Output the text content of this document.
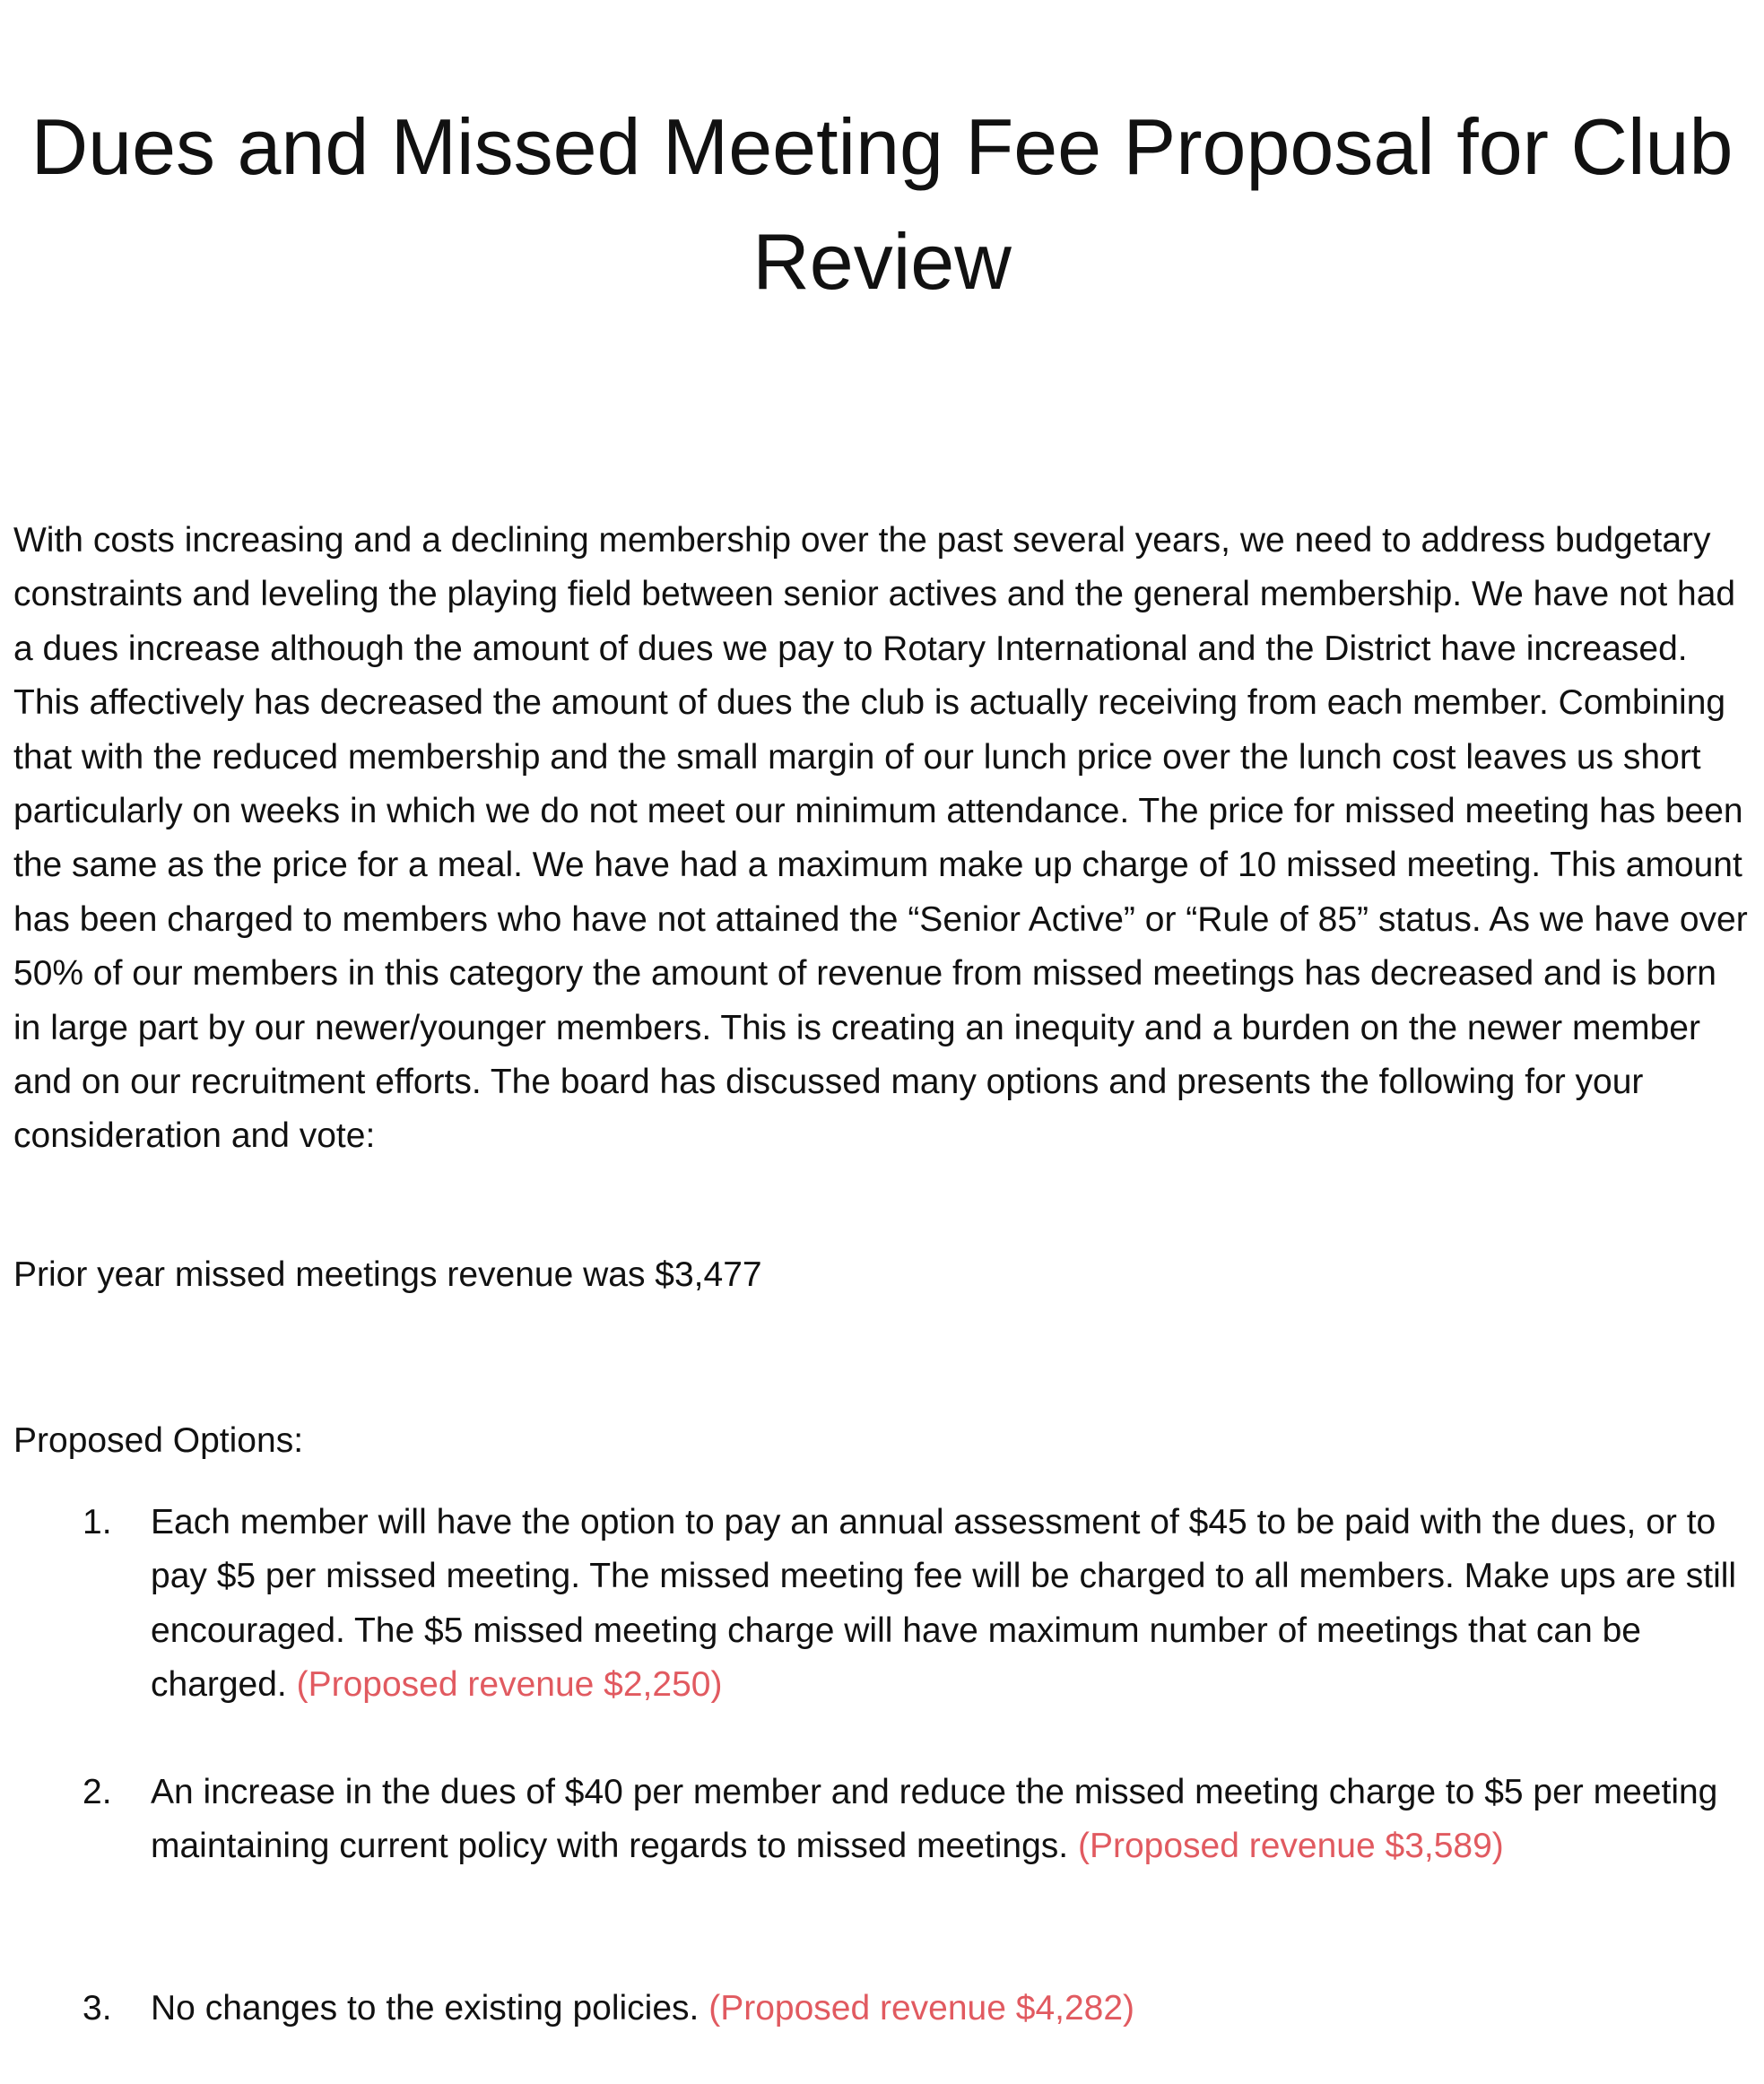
Dues and Missed Meeting Fee Proposal for Club Review

With costs increasing and a declining membership over the past several years, we need to address budgetary constraints and leveling the playing field between senior actives and the general membership. We have not had a dues increase although the amount of dues we pay to Rotary International and the District have increased. This affectively has decreased the amount of dues the club is actually receiving from each member. Combining that with the reduced membership and the small margin of our lunch price over the lunch cost leaves us short particularly on weeks in which we do not meet our minimum attendance. The price for missed meeting has been the same as the price for a meal. We have had a maximum make up charge of 10 missed meeting. This amount has been charged to members who have not attained the “Senior Active” or “Rule of 85” status. As we have over 50% of our members in this category the amount of revenue from missed meetings has decreased and is born in large part by our newer/younger members. This is creating an inequity and a burden on the newer member and on our recruitment efforts. The board has discussed many options and presents the following for your consideration and vote:

Prior year missed meetings revenue was $3,477

Proposed Options:

1.	Each member will have the option to pay an annual assessment of $45 to be paid with the dues, or to pay $5 per missed meeting. The missed meeting fee will be charged to all members. Make ups are still encouraged. The $5 missed meeting charge will have maximum number of meetings that can be charged. (Proposed revenue $2,250)
2.	An increase in the dues of $40 per member and reduce the missed meeting charge to $5 per meeting maintaining current policy with regards to missed meetings. (Proposed revenue $3,589)
3.	No changes to the existing policies. (Proposed revenue $4,282)
